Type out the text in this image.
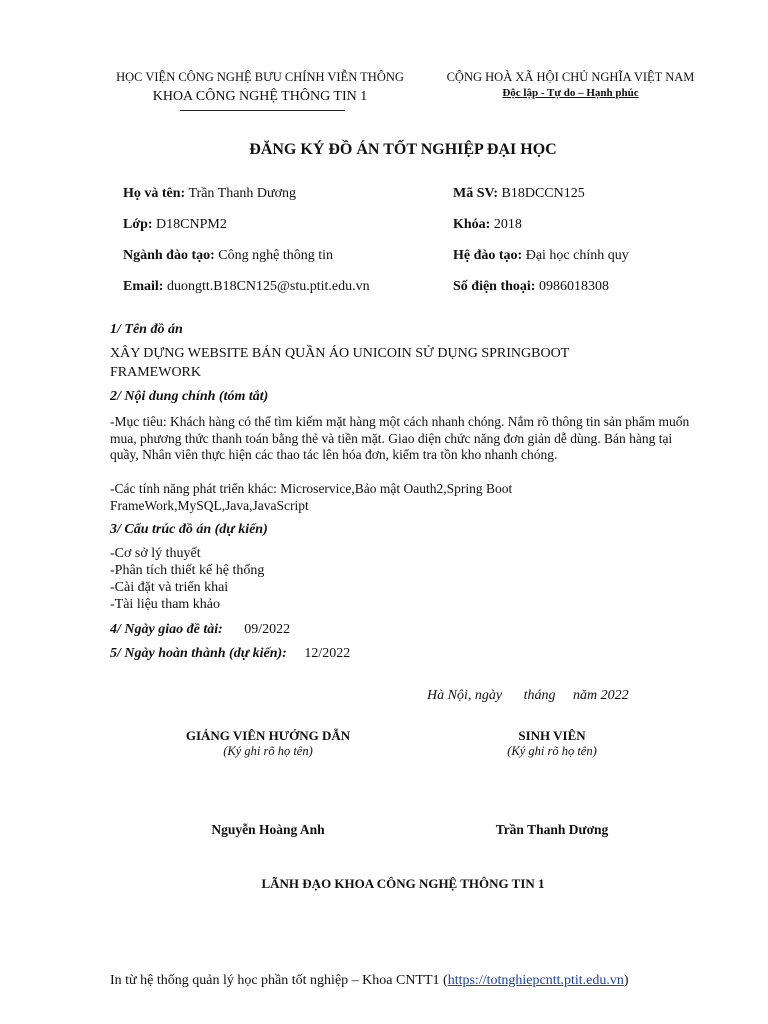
HỌC VIỆN CÔNG NGHỆ BƯU CHÍNH VIỄN THÔNG
KHOA CÔNG NGHỆ THÔNG TIN 1
CỘNG HOÀ XÃ HỘI CHỦ NGHĨA VIỆT NAM
Độc lập - Tự do – Hạnh phúc
ĐĂNG KÝ ĐỒ ÁN TỐT NGHIỆP ĐẠI HỌC
Họ và tên: Trần Thanh Dương	Mã SV: B18DCCN125
Lớp: D18CNPM2	Khóa: 2018
Ngành đào tạo: Công nghệ thông tin	Hệ đào tạo: Đại học chính quy
Email: duongtt.B18CN125@stu.ptit.edu.vn	Số điện thoại: 0986018308
1/ Tên đồ án
XÂY DỰNG WEBSITE BÁN QUẦN ÁO UNICOIN SỬ DỤNG SPRINGBOOT
FRAMEWORK
2/ Nội dung chính (tóm tắt)
-Mục tiêu: Khách hàng có thể tìm kiếm mặt hàng một cách nhanh chóng. Nắm rõ thông tin sản phẩm muốn mua, phương thức thanh toán bằng thẻ và tiền mặt. Giao diện chức năng đơn giản dễ dùng. Bán hàng tại quầy, Nhân viên thực hiện các thao tác lên hóa đơn, kiểm tra tồn kho nhanh chóng.
-Các tính năng phát triển khác: Microservice,Bảo mật Oauth2,Spring Boot FrameWork,MySQL,Java,JavaScript
3/ Cấu trúc đồ án (dự kiến)
-Cơ sở lý thuyết
-Phân tích thiết kế hệ thống
-Cài đặt và triển khai
-Tài liệu tham khảo
4/ Ngày giao đề tài: 09/2022
5/ Ngày hoàn thành (dự kiến): 12/2022
Hà Nội, ngày tháng năm 2022
GIẢNG VIÊN HƯỚNG DẪN
(Ký ghi rõ họ tên)
SINH VIÊN
(Ký ghi rõ họ tên)
Nguyễn Hoàng Anh	Trần Thanh Dương
LÃNH ĐẠO KHOA CÔNG NGHỆ THÔNG TIN 1
In từ hệ thống quản lý học phần tốt nghiệp – Khoa CNTT1 (https://totnghiepcntt.ptit.edu.vn)
